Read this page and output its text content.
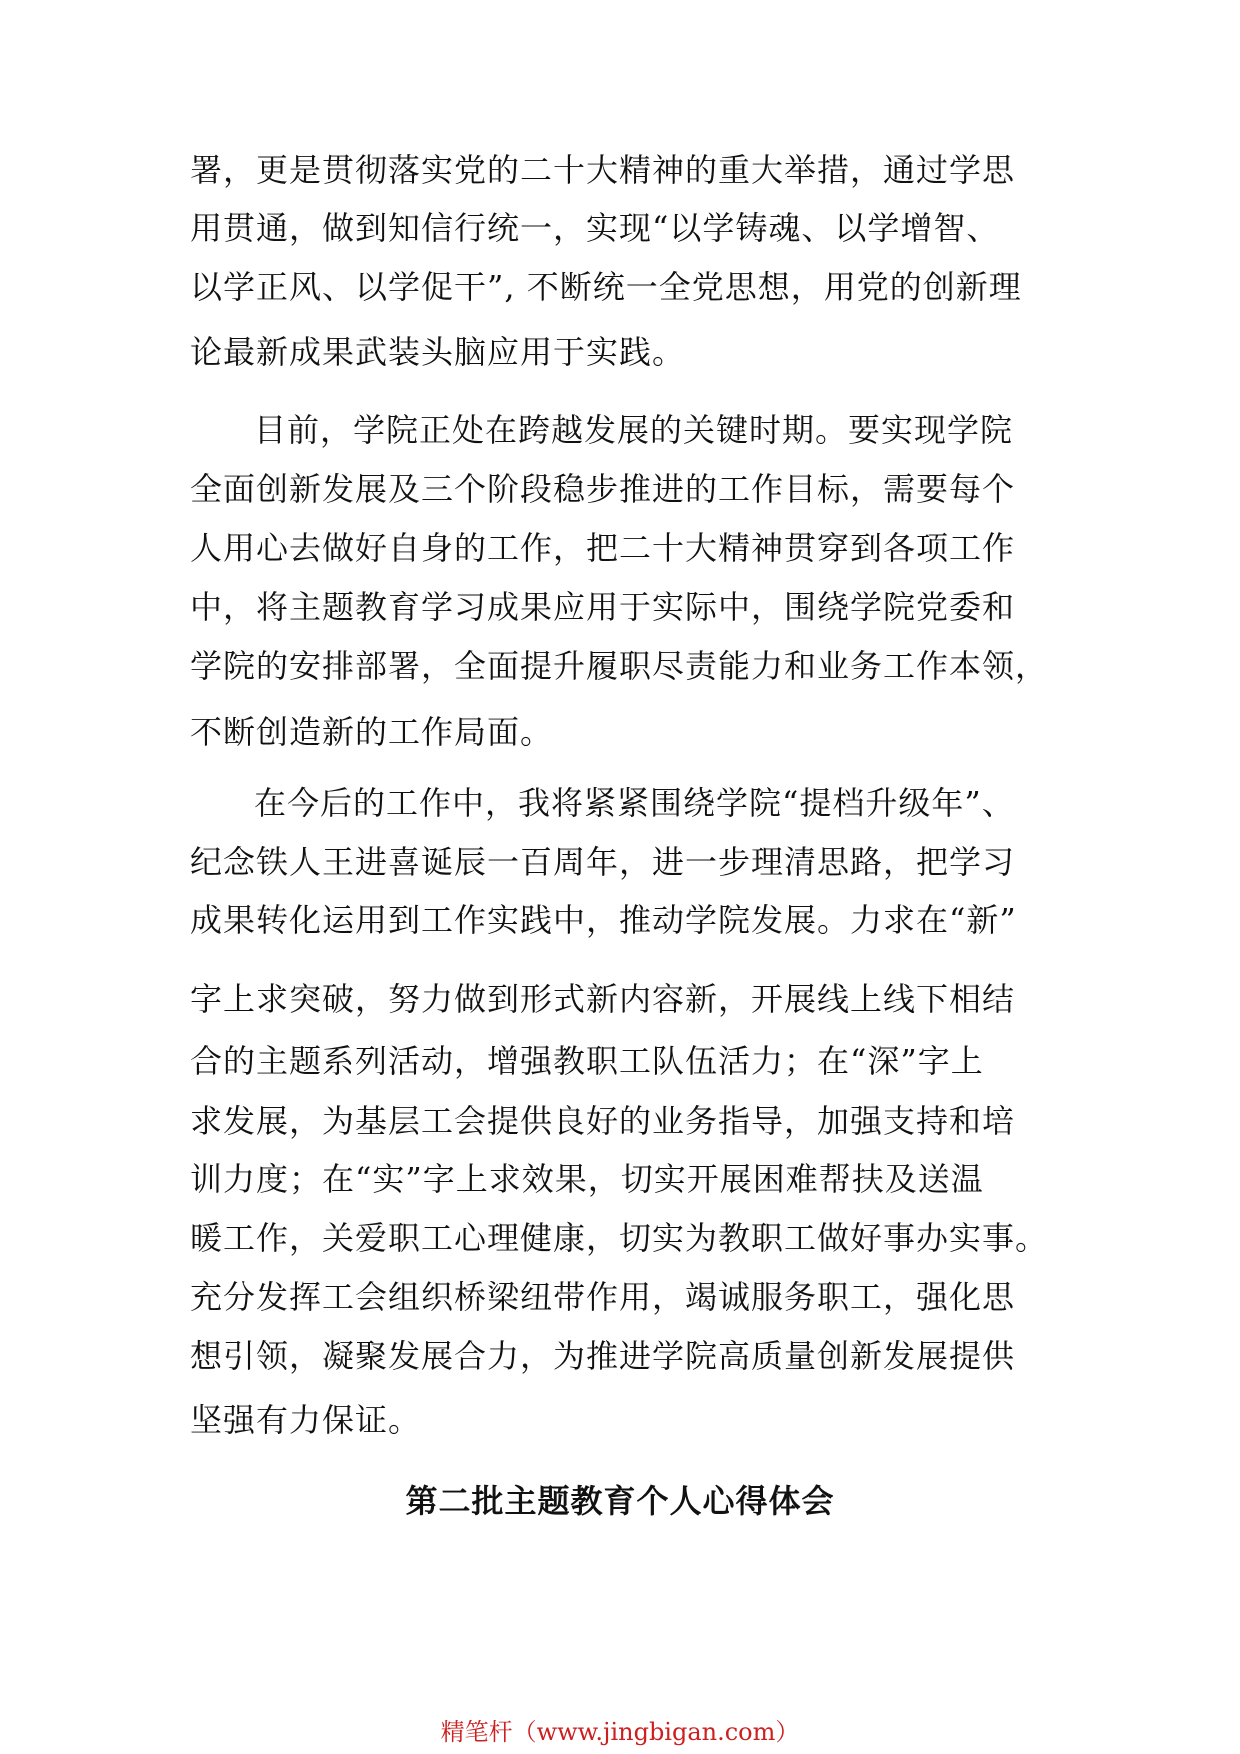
署，更是贯彻落实党的二十大精神的重大举措，通过学思
用贯通，做到知信行统一，实现“以学铸魂、以学增智、
以学正风、以学促干”, 不断统一全党思想，用党的创新理
论最新成果武装头脑应用于实践。
目前，学院正处在跨越发展的关键时期。要实现学院
全面创新发展及三个阶段稳步推进的工作目标，需要每个
人用心去做好自身的工作，把二十大精神贯穿到各项工作
中，将主题教育学习成果应用于实际中，围绕学院党委和
学院的安排部署，全面提升履职尽责能力和业务工作本领，
不断创造新的工作局面。
在今后的工作中，我将紧紧围绕学院“提档升级年”、
纪念铁人王进喜诞辰一百周年，进一步理清思路，把学习
成果转化运用到工作实践中，推动学院发展。力求在“新”
字上求突破，努力做到形式新内容新，开展线上线下相结
合的主题系列活动，增强教职工队伍活力；在“深”字上
求发展，为基层工会提供良好的业务指导，加强支持和培
训力度；在“实”字上求效果，切实开展困难帮扶及送温
暖工作，关爱职工心理健康，切实为教职工做好事办实事。
充分发挥工会组织桥梁纽带作用，竭诚服务职工，强化思
想引领，凝聚发展合力，为推进学院高质量创新发展提供
坚强有力保证。
第二批主题教育个人心得体会
精笔杆（www.jingbigan.com）
